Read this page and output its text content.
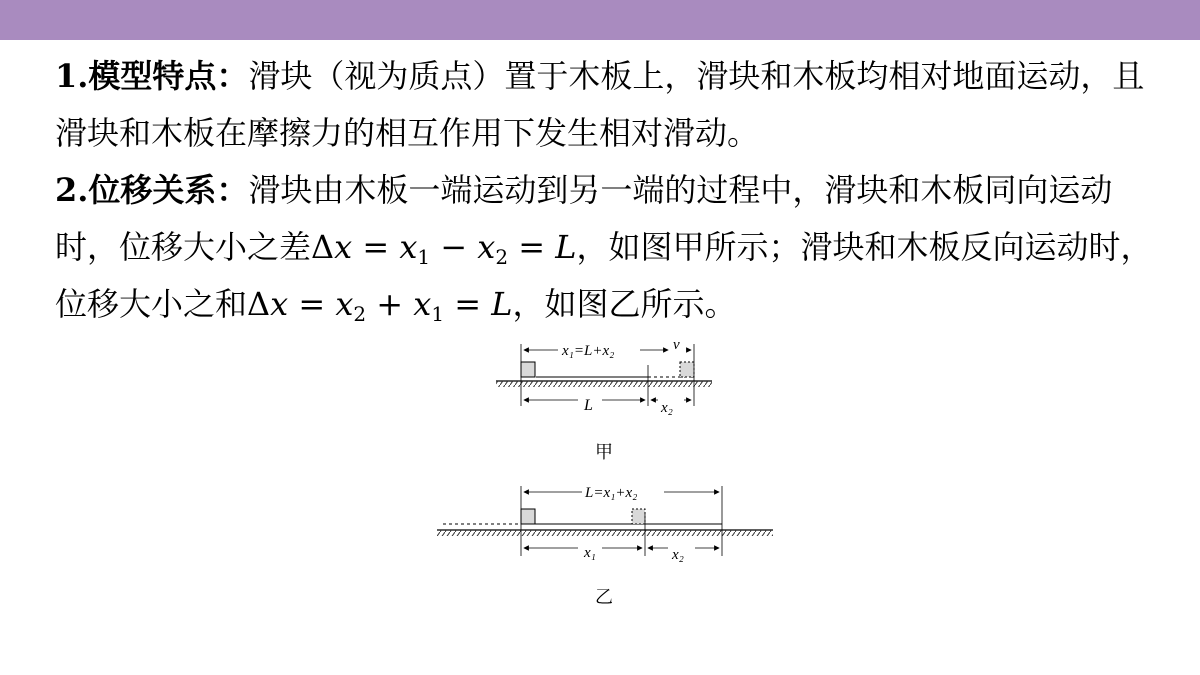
1.模型特点：滑块（视为质点）置于木板上，滑块和木板均相对地面运动，且滑块和木板在摩擦力的相互作用下发生相对滑动。

2.位移关系：滑块由木板一端运动到另一端的过程中，滑块和木板同向运动时，位移大小之差$\Delta x = x_1 - x_2 = L$，如图甲所示；滑块和木板反向运动时，位移大小之和$\Delta x = x_2 + x_1 = L$，如图乙所示。

x₁=L+x₂	v
L	x₂
甲
L=x₁+x₂
x₁	x₂
乙
